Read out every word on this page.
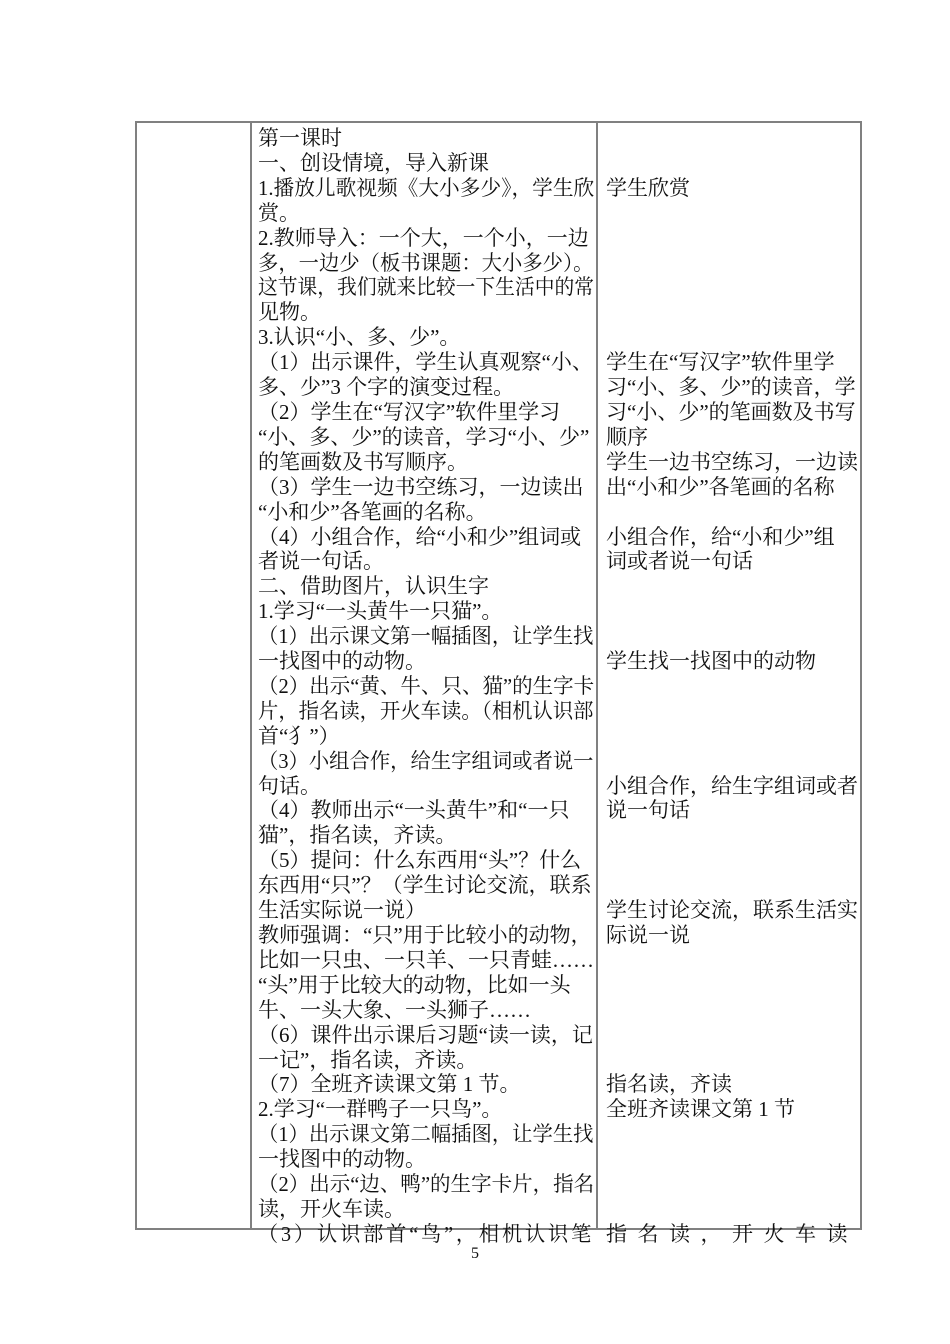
第一课时
一、创设情境，导入新课
1.播放儿歌视频《大小多少》，学生欣
赏。
2.教师导入：一个大，一个小，一边
多，一边少（板书课题：大小多少）。
这节课，我们就来比较一下生活中的常
见物。
3.认识“小、多、少”。
（1）出示课件，学生认真观察“小、
多、少”3 个字的演变过程。
（2）学生在“写汉字”软件里学习
“小、多、少”的读音，学习“小、少”
的笔画数及书写顺序。
（3）学生一边书空练习，一边读出
“小和少”各笔画的名称。
（4）小组合作，给“小和少”组词或
者说一句话。
二、借助图片，认识生字
1.学习“一头黄牛一只猫”。
（1）出示课文第一幅插图，让学生找
一找图中的动物。
（2）出示“黄、牛、只、猫”的生字卡
片，指名读，开火车读。（相机认识部
首“犭”）
（3）小组合作，给生字组词或者说一
句话。
（4）教师出示“一头黄牛”和“一只
猫”，指名读，齐读。
（5）提问：什么东西用“头”？什么
东西用“只”？（学生讨论交流，联系
生活实际说一说）
教师强调：“只”用于比较小的动物，
比如一只虫、一只羊、一只青蛙……
“头”用于比较大的动物，比如一头
牛、一头大象、一头狮子……
（6）课件出示课后习题“读一读，记
一记”，指名读，齐读。
（7）全班齐读课文第 1 节。
2.学习“一群鸭子一只鸟”。
（1）出示课文第二幅插图，让学生找
一找图中的动物。
（2）出示“边、鸭”的生字卡片，指名
读，开火车读。
（3）认识部首“鸟”，相机认识笔
学生欣赏
学生在“写汉字”软件里学
习“小、多、少”的读音，学
习“小、少”的笔画数及书写
顺序
学生一边书空练习，一边读
出“小和少”各笔画的名称
小组合作，给“小和少”组
词或者说一句话
学生找一找图中的动物
小组合作，给生字组词或者
说一句话
学生讨论交流，联系生活实
际说一说
指名读，齐读
全班齐读课文第 1 节
指名读，开火车读
5
